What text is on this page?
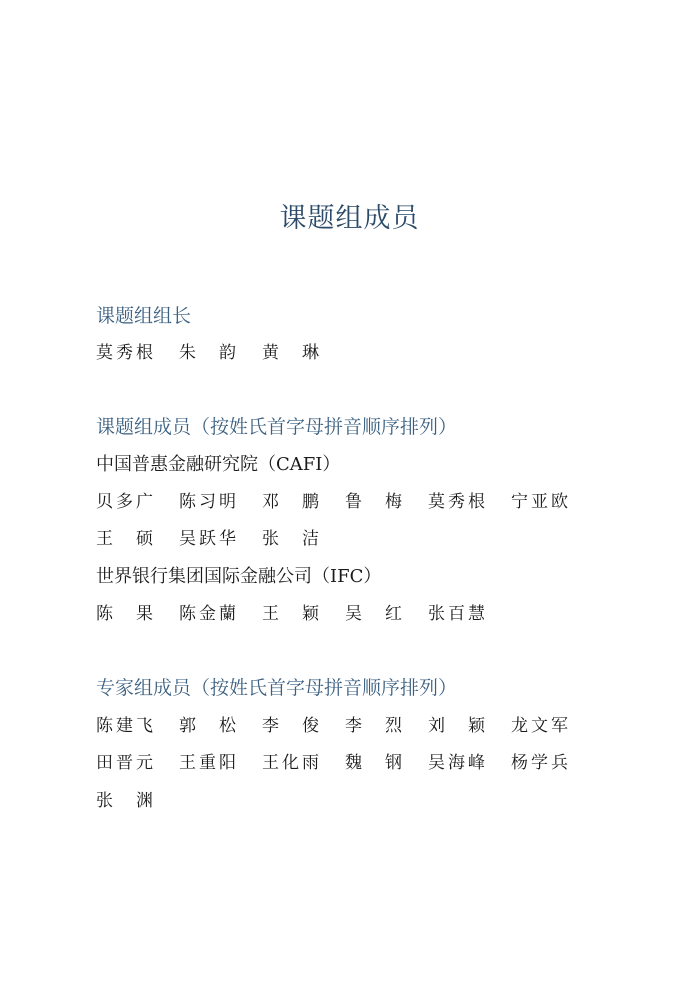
课题组成员
课题组组长
莫秀根 朱　韵 黄　琳
课题组成员（按姓氏首字母拼音顺序排列）
中国普惠金融研究院（CAFI）
贝多广 陈习明 邓　鹏 鲁　梅 莫秀根 宁亚欧
王　硕 吴跃华 张　洁
世界银行集团国际金融公司（IFC）
陈　果 陈金蘭 王　颖 吴　红 张百慧
专家组成员（按姓氏首字母拼音顺序排列）
陈建飞 郭　松 李　俊 李　烈 刘　颖 龙文军
田晋元 王重阳 王化雨 魏　钢 吴海峰 杨学兵
张　渊
